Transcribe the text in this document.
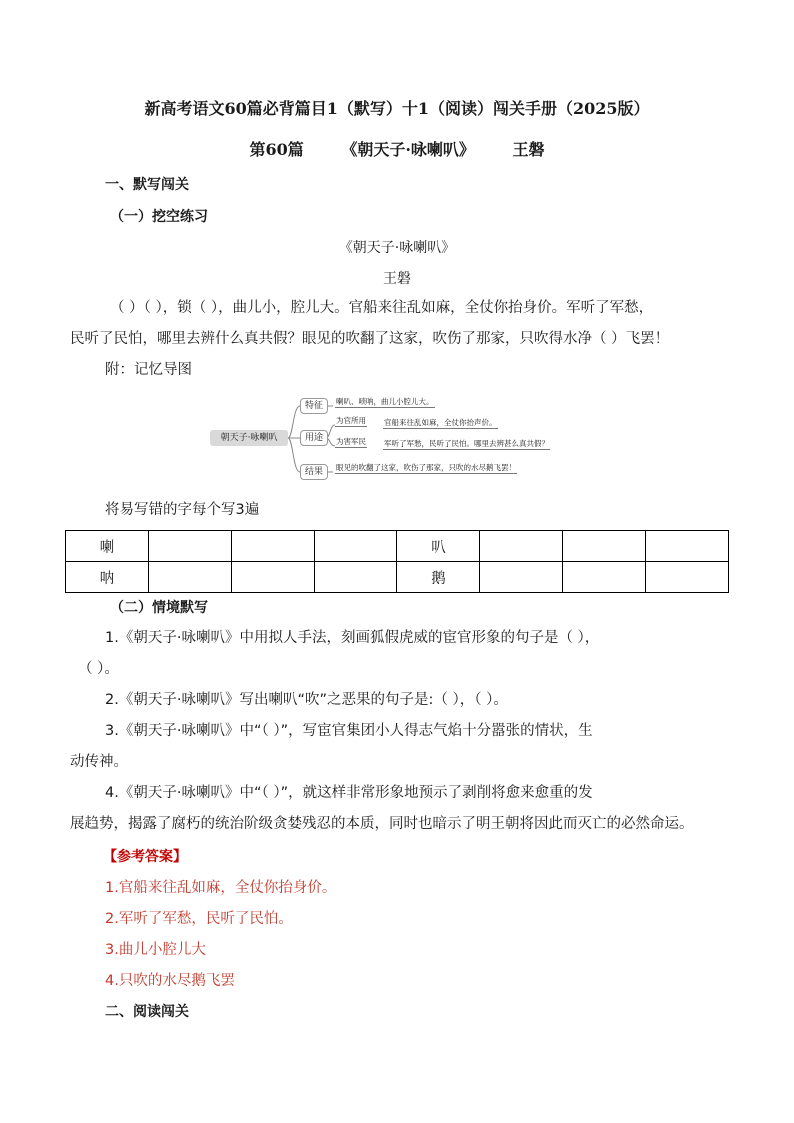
新高考语文60篇必背篇目1（默写）十1（阅读）闯关手册（2025版）
第60篇 《朝天子·咏喇叭》 王磐
一、默写闯关
（一）挖空练习
《朝天子·咏喇叭》
王磐
（ ）（ ），锁（ ），曲儿小，腔儿大。官船来往乱如麻，全仗你抬身价。军听了军愁，
民听了民怕，哪里去辨什么真共假？眼见的吹翻了这家，吹伤了那家，只吹得水净（ ）飞罢！
附：记忆导图
朝天子·咏喇叭
特征
用途
结果
喇叭、唢呐，曲儿小腔儿大。
为官所用 官船来往乱如麻，全仗你抬声价。
为害军民 军听了军愁，民听了民怕。哪里去辨甚么真共假？
眼见的吹翻了这家，吹伤了那家，只吹的水尽鹅飞罢！
将易写错的字每个写3遍
喇				叭			
呐				鹅			
（二）情境默写
1.《朝天子·咏喇叭》中用拟人手法，刻画狐假虎威的宦官形象的句子是（ ），
（ ）。
2.《朝天子·咏喇叭》写出喇叭“吹”之恶果的句子是:（ ），（ ）。
3.《朝天子·咏喇叭》中“（ ）”，写宦官集团小人得志气焰十分嚣张的情状，生
动传神。
4.《朝天子·咏喇叭》中“（ ）”，就这样非常形象地预示了剥削将愈来愈重的发
展趋势，揭露了腐朽的统治阶级贪婪残忍的本质，同时也暗示了明王朝将因此而灭亡的必然命运。
【参考答案】
1.官船来往乱如麻，全仗你抬身价。
2.军听了军愁，民听了民怕。
3.曲儿小腔儿大
4.只吹的水尽鹅飞罢
二、阅读闯关
